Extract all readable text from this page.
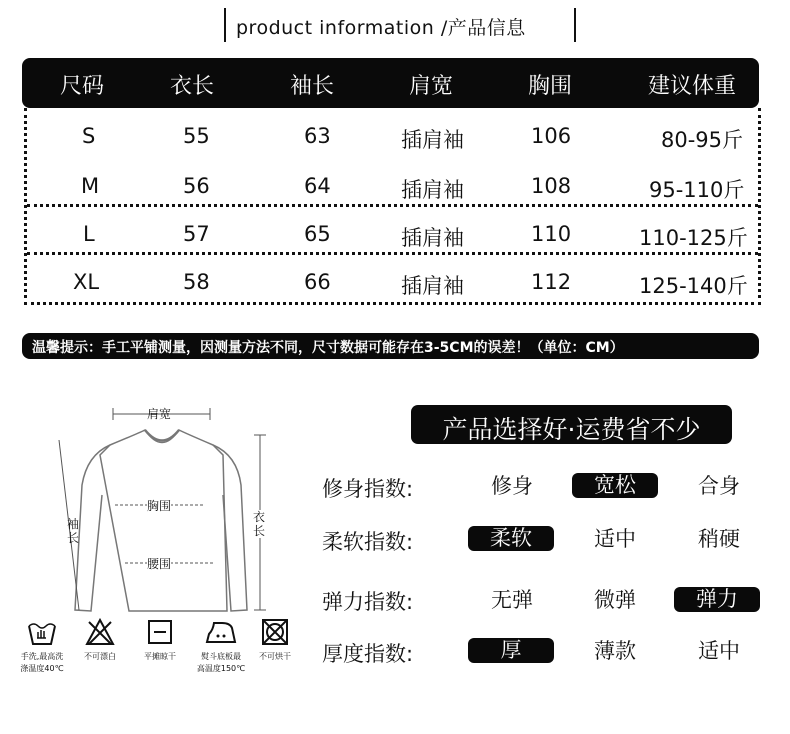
product information /产品信息
尺码	衣长	袖长	肩宽	胸围	建议体重
S	55	63	插肩袖	106	80-95斤
M	56	64	插肩袖	108	95-110斤
L	57	65	插肩袖	110	110-125斤
XL	58	66	插肩袖	112	125-140斤
温馨提示：手工平铺测量，因测量方法不同，尺寸数据可能存在3-5CM的误差！（单位：CM）
肩宽
胸围
腰围
袖长
衣长
手洗,最高洗
涤温度40℃
不可漂白	平摊晾干	熨斗底板最
高温度150℃
不可烘干
产品选择好·运费省不少
修身指数:	修身	宽松	合身
柔软指数:	柔软	适中	稍硬
弹力指数:	无弹	微弹	弹力
厚度指数:	厚	薄款	适中
